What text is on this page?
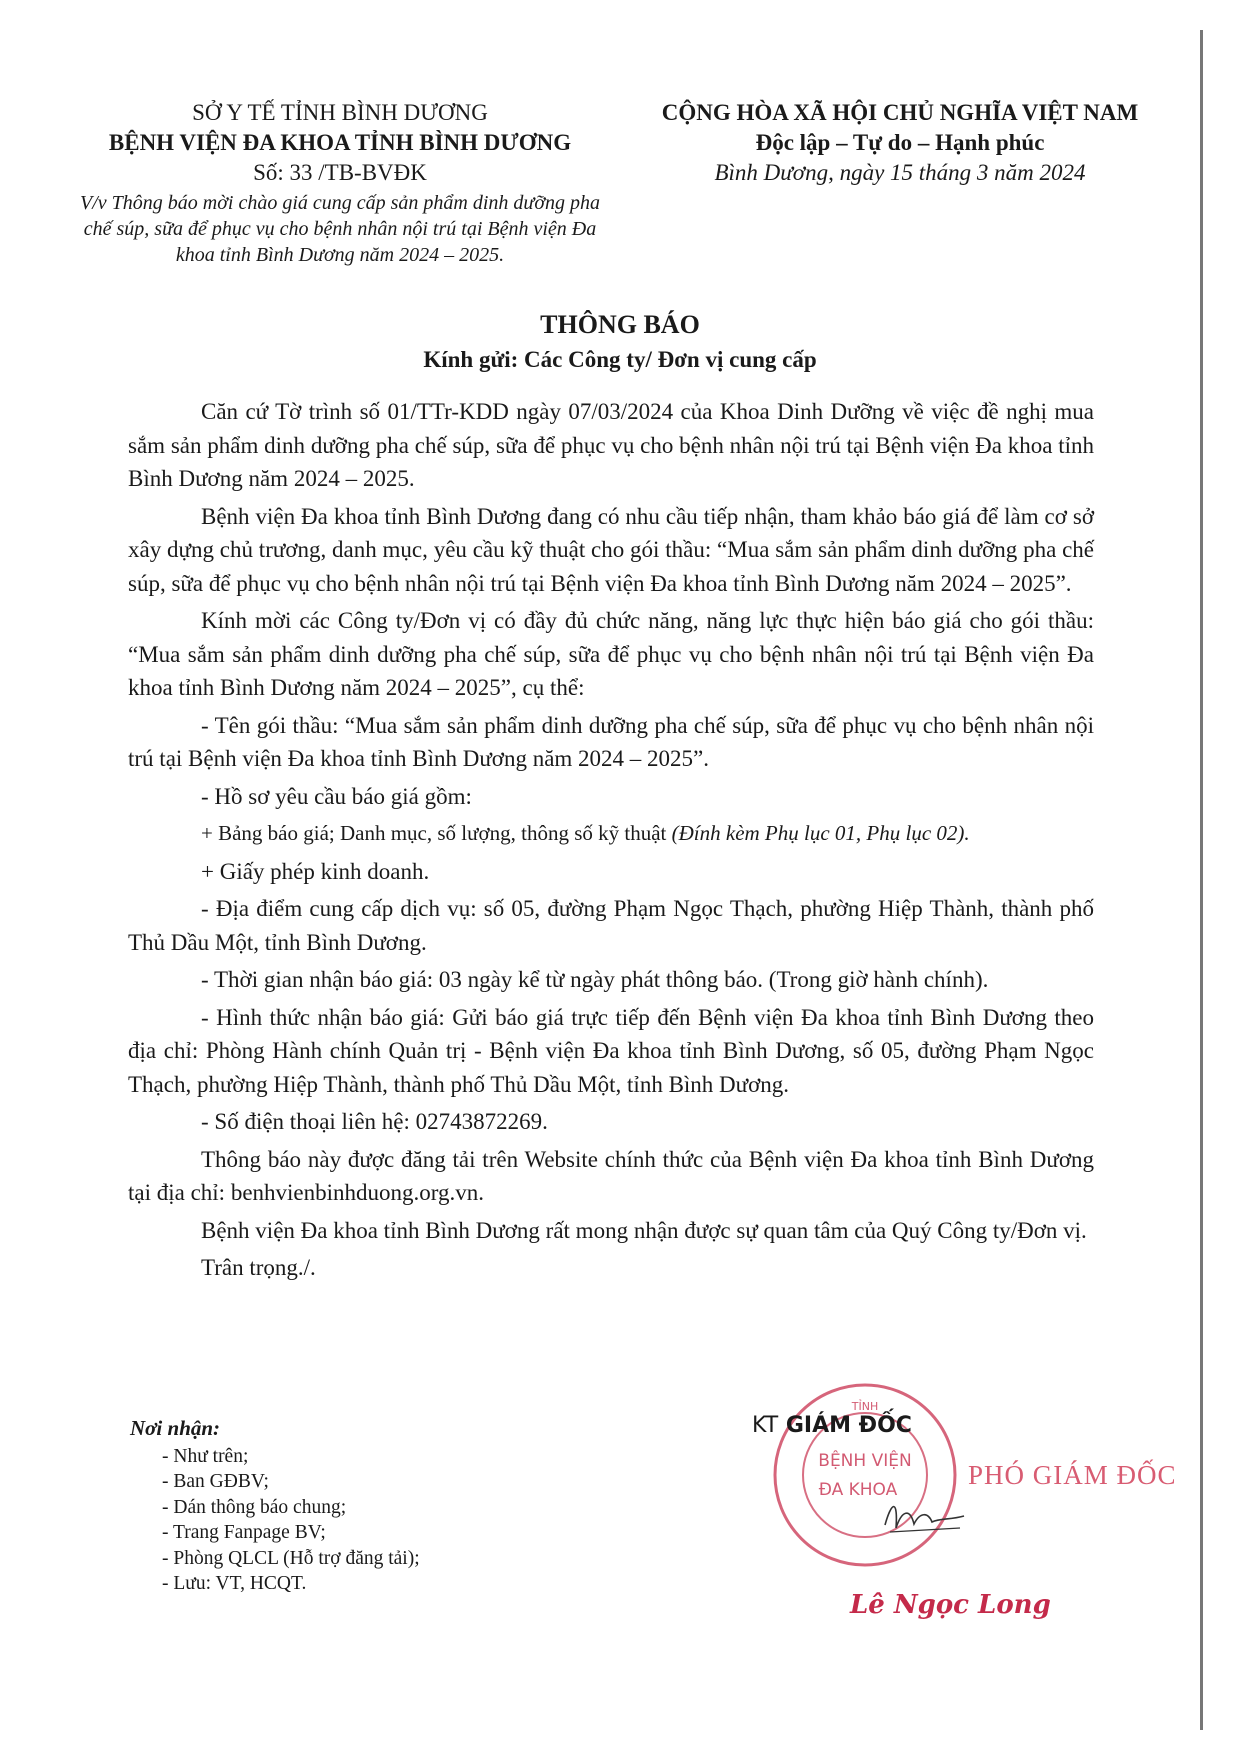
SỞ Y TẾ TỈNH BÌNH DƯƠNG
BỆNH VIỆN ĐA KHOA TỈNH BÌNH DƯƠNG
Số: 33 /TB-BVĐK
V/v Thông báo mời chào giá cung cấp sản phẩm dinh dưỡng pha chế súp, sữa để phục vụ cho bệnh nhân nội trú tại Bệnh viện Đa khoa tỉnh Bình Dương năm 2024 – 2025.
CỘNG HÒA XÃ HỘI CHỦ NGHĨA VIỆT NAM
Độc lập – Tự do – Hạnh phúc
Bình Dương, ngày 15 tháng 3 năm 2024
THÔNG BÁO
Kính gửi: Các Công ty/ Đơn vị cung cấp

Căn cứ Tờ trình số 01/TTr-KDD ngày 07/03/2024 của Khoa Dinh Dưỡng về việc đề nghị mua sắm sản phẩm dinh dưỡng pha chế súp, sữa để phục vụ cho bệnh nhân nội trú tại Bệnh viện Đa khoa tỉnh Bình Dương năm 2024 – 2025.

Bệnh viện Đa khoa tỉnh Bình Dương đang có nhu cầu tiếp nhận, tham khảo báo giá để làm cơ sở xây dựng chủ trương, danh mục, yêu cầu kỹ thuật cho gói thầu: “Mua sắm sản phẩm dinh dưỡng pha chế súp, sữa để phục vụ cho bệnh nhân nội trú tại Bệnh viện Đa khoa tỉnh Bình Dương năm 2024 – 2025”.

Kính mời các Công ty/Đơn vị có đầy đủ chức năng, năng lực thực hiện báo giá cho gói thầu: “Mua sắm sản phẩm dinh dưỡng pha chế súp, sữa để phục vụ cho bệnh nhân nội trú tại Bệnh viện Đa khoa tỉnh Bình Dương năm 2024 – 2025”, cụ thể:

- Tên gói thầu: “Mua sắm sản phẩm dinh dưỡng pha chế súp, sữa để phục vụ cho bệnh nhân nội trú tại Bệnh viện Đa khoa tỉnh Bình Dương năm 2024 – 2025”.

- Hồ sơ yêu cầu báo giá gồm:

+ Bảng báo giá; Danh mục, số lượng, thông số kỹ thuật (Đính kèm Phụ lục 01, Phụ lục 02).

+ Giấy phép kinh doanh.

- Địa điểm cung cấp dịch vụ: số 05, đường Phạm Ngọc Thạch, phường Hiệp Thành, thành phố Thủ Dầu Một, tỉnh Bình Dương.

- Thời gian nhận báo giá: 03 ngày kể từ ngày phát thông báo. (Trong giờ hành chính).

- Hình thức nhận báo giá: Gửi báo giá trực tiếp đến Bệnh viện Đa khoa tỉnh Bình Dương theo địa chỉ: Phòng Hành chính Quản trị - Bệnh viện Đa khoa tỉnh Bình Dương, số 05, đường Phạm Ngọc Thạch, phường Hiệp Thành, thành phố Thủ Dầu Một, tỉnh Bình Dương.

- Số điện thoại liên hệ: 02743872269.

Thông báo này được đăng tải trên Website chính thức của Bệnh viện Đa khoa tỉnh Bình Dương tại địa chỉ: benhvienbinhduong.org.vn.

Bệnh viện Đa khoa tỉnh Bình Dương rất mong nhận được sự quan tâm của Quý Công ty/Đơn vị.

Trân trọng./.

Nơi nhận:
- Như trên;
- Ban GĐBV;
- Dán thông báo chung;
- Trang Fanpage BV;
- Phòng QLCL (Hỗ trợ đăng tải);
- Lưu: VT, HCQT.
TỈNH
BỆNH VIỆN
ĐA KHOA
KT GIÁM ĐỐC
PHÓ GIÁM ĐỐC
Lê Ngọc Long
